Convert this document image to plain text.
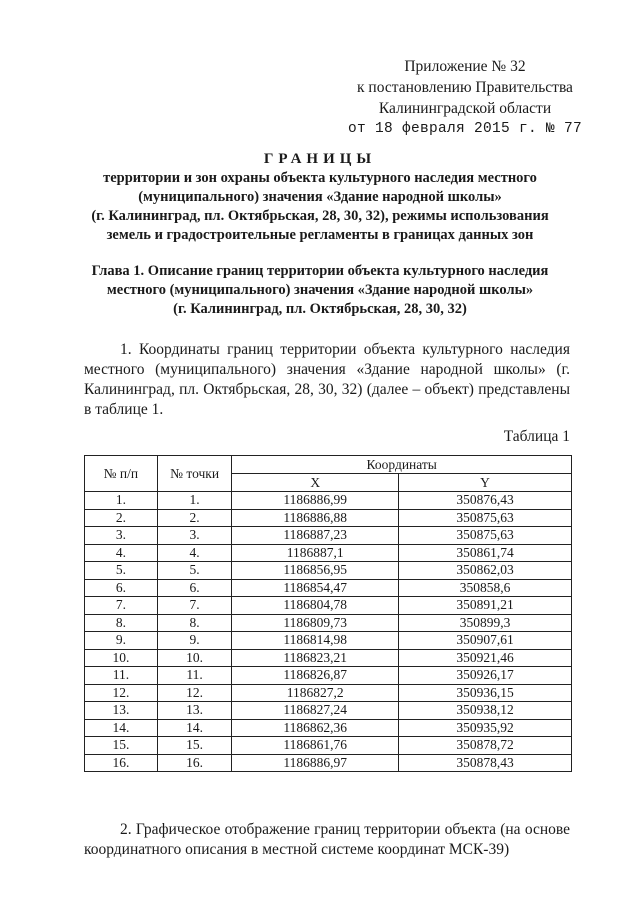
Приложение № 32
к постановлению Правительства
Калининградской области
от 18 февраля 2015 г. № 77
ГРАНИЦЫ
территории и зон охраны объекта культурного наследия местного
(муниципального) значения «Здание народной школы»
(г. Калининград, пл. Октябрьская, 28, 30, 32), режимы использования
земель и градостроительные регламенты в границах данных зон
Глава 1. Описание границ территории объекта культурного наследия
местного (муниципального) значения «Здание народной школы»
(г. Калининград, пл. Октябрьская, 28, 30, 32)
1. Координаты границ территории объекта культурного наследия местного (муниципального) значения «Здание народной школы» (г. Калининград, пл. Октябрьская, 28, 30, 32) (далее – объект) представлены в таблице 1.
Таблица 1
№ п/п	№ точки	Координаты	
		X	Y
1.	1.	1186886,99	350876,43
2.	2.	1186886,88	350875,63
3.	3.	1186887,23	350875,63
4.	4.	1186887,1	350861,74
5.	5.	1186856,95	350862,03
6.	6.	1186854,47	350858,6
7.	7.	1186804,78	350891,21
8.	8.	1186809,73	350899,3
9.	9.	1186814,98	350907,61
10.	10.	1186823,21	350921,46
11.	11.	1186826,87	350926,17
12.	12.	1186827,2	350936,15
13.	13.	1186827,24	350938,12
14.	14.	1186862,36	350935,92
15.	15.	1186861,76	350878,72
16.	16.	1186886,97	350878,43
2. Графическое отображение границ территории объекта (на основе координатного описания в местной системе координат МСК-39)
